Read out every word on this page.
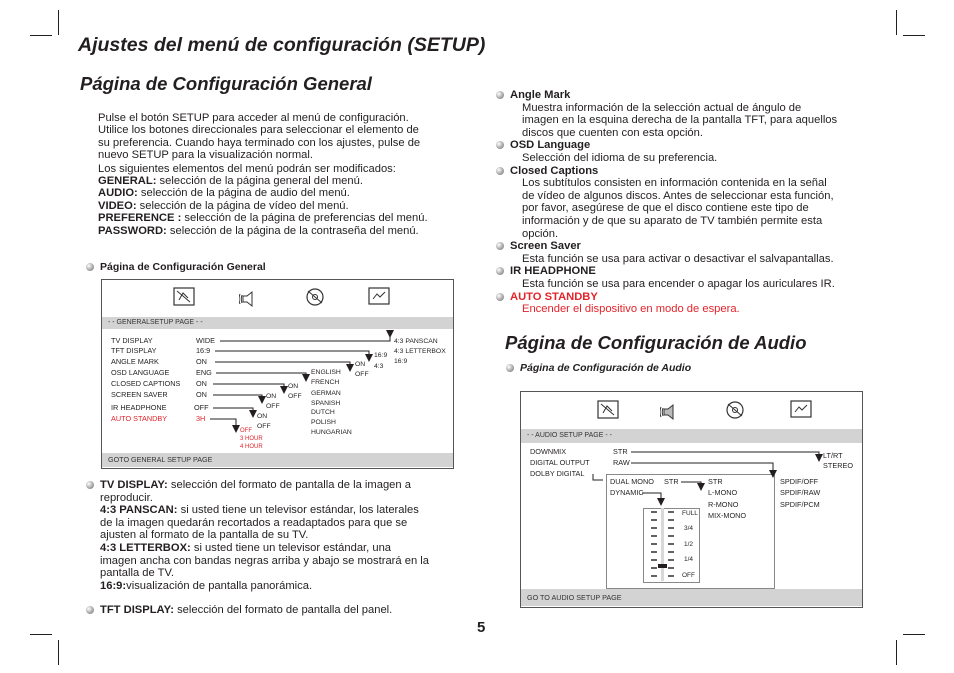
Ajustes del menú de configuración (SETUP)
Página de Configuración General
Página de Configuración de Audio
Pulse el botón SETUP para acceder al menú de configuración.
Utilice los botones direccionales para seleccionar el elemento de
su preferencia. Cuando haya terminado con los ajustes, pulse de
nuevo SETUP para la visualización normal.
Los siguientes elementos del menú podrán ser modificados:
GENERAL: selección de la página general del menú.
AUDIO: selección de la página de audio del menú.
VIDEO: selección de la página de vídeo del menú.
PREFERENCE : selección de la página de preferencias del menú.
PASSWORD: selección de la página de la contraseña del menú.
Página de Configuración General
- - GENERALSETUP PAGE - -
GOTO GENERAL SETUP PAGE
TV DISPLAY	WIDE
TFT DISPLAY	16:9
ANGLE MARK	ON
OSD LANGUAGE	ENG
CLOSED CAPTIONS ON
SCREEN SAVER	ON
IR HEADPHONE	OFF
AUTO STANDBY	3H
4:3 PANSCAN
4:3 LETTERBOX
16:9
16:9
4:3
ON
OFF
ENGLISH
FRENCH
GERMAN
SPANISH
DUTCH
POLISH
HUNGARIAN
ON
OFF
ON
OFF
ON
OFF
OFF
3 HOUR
4 HOUR
TV DISPLAY: selección del formato de pantalla de la imagen a
reproducir.
4:3 PANSCAN: si usted tiene un televisor estándar, los laterales
de la imagen quedarán recortados a readaptados para que se
ajusten al formato de la pantalla de su TV.
4:3 LETTERBOX: si usted tiene un televisor estándar, una
imagen ancha con bandas negras arriba y abajo se mostrará en la
pantalla de TV.
16:9:visualización de pantalla panorámica.
TFT DISPLAY: selección del formato de pantalla del panel.
Angle Mark
Muestra información de la selección actual de ángulo de
imagen en la esquina derecha de la pantalla TFT, para aquellos
discos que cuenten con esta opción.
OSD Language
Selección del idioma de su preferencia.
Closed Captions
Los subtítulos consisten en información contenida en la señal
de vídeo de algunos discos. Antes de seleccionar esta función,
por favor, asegúrese de que el disco contiene este tipo de
información y de que su aparato de TV también permite esta
opción.
Screen Saver
Esta función se usa para activar o desactivar el salvapantallas.
IR HEADPHONE
Esta función se usa para encender o apagar los auriculares IR.
AUTO STANDBY
Encender el dispositivo en modo de espera.
Página de Configuración de Audio
- - AUDIO SETUP PAGE - -
GO TO AUDIO SETUP PAGE
DOWNMIX	STR
DIGITAL OUTPUT	RAW
DOLBY DIGITAL
LT/RT
STEREO
DUAL MONO STR
DYNAMIC
STR
L-MONO
R-MONO
MIX-MONO
SPDIF/OFF
SPDIF/RAW
SPDIF/PCM
FULL
3/4
1/2
1/4
OFF
5
